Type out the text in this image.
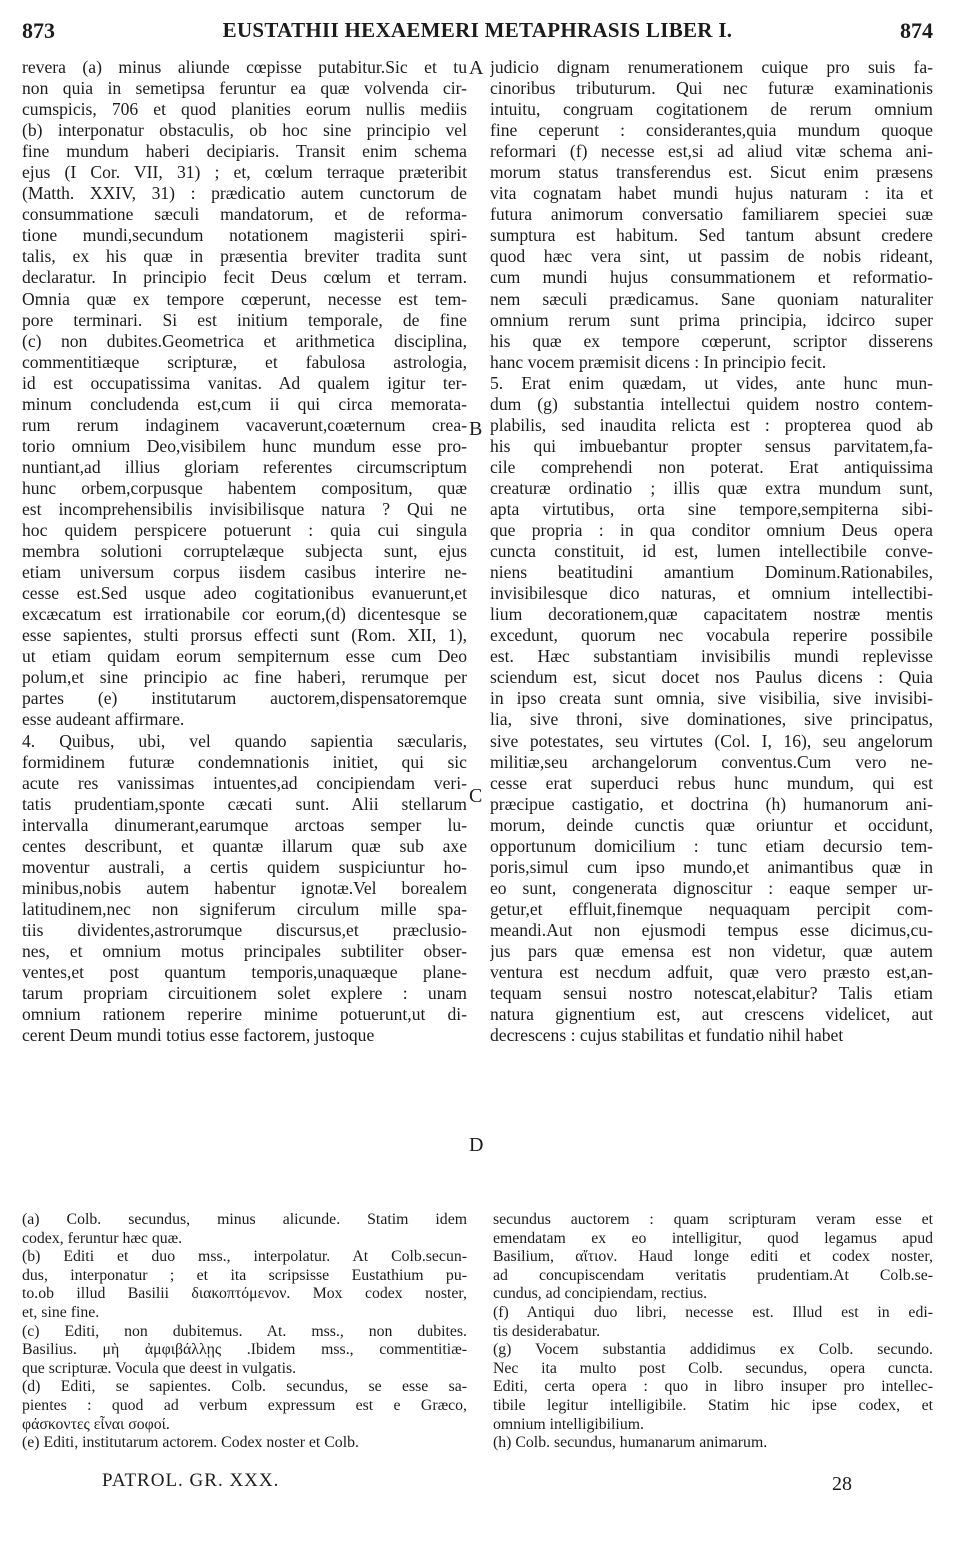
873	EUSTATHII HEXAEMERI METAPHRASIS LIBER I.	874
A
B
C
D
revera (a) minus aliunde cœpisse putabitur.Sic et tu
non quia in semetipsa feruntur ea quæ volvenda cir-
cumspicis, 706 et quod planities eorum nullis mediis
(b) interponatur obstaculis, ob hoc sine principio vel
fine mundum haberi decipiaris. Transit enim schema
ejus (I Cor. VII, 31) ; et, cœlum terraque præteribit
(Matth. XXIV, 31) : prædicatio autem cunctorum de
consummatione sæculi mandatorum, et de reforma-
tione mundi,secundum notationem magisterii spiri-
talis, ex his quæ in præsentia breviter tradita sunt
declaratur. In principio fecit Deus cœlum et terram.
Omnia quæ ex tempore cœperunt, necesse est tem-
pore terminari. Si est initium temporale, de fine
(c) non dubites.Geometrica et arithmetica disciplina,
commentitiæque scripturæ, et fabulosa astrologia,
id est occupatissima vanitas. Ad qualem igitur ter-
minum concludenda est,cum ii qui circa memorata-
rum rerum indaginem vacaverunt,coæternum crea-
torio omnium Deo,visibilem hunc mundum esse pro-
nuntiant,ad illius gloriam referentes circumscriptum
hunc orbem,corpusque habentem compositum, quæ
est incomprehensibilis invisibilisque natura ? Qui ne
hoc quidem perspicere potuerunt : quia cui singula
membra solutioni corruptelæque subjecta sunt, ejus
etiam universum corpus iisdem casibus interire ne-
cesse est.Sed usque adeo cogitationibus evanuerunt,et
excæcatum est irrationabile cor eorum,(d) dicentesque se
esse sapientes, stulti prorsus effecti sunt (Rom. XII, 1),
ut etiam quidam eorum sempiternum esse cum Deo
polum,et sine principio ac fine haberi, rerumque per
partes (e) institutarum auctorem,dispensatoremque
esse audeant affirmare.
4. Quibus, ubi, vel quando sapientia sæcularis,
formidinem futuræ condemnationis initiet, qui sic
acute res vanissimas intuentes,ad concipiendam veri-
tatis prudentiam,sponte cæcati sunt. Alii stellarum
intervalla dinumerant,earumque arctoas semper lu-
centes describunt, et quantæ illarum quæ sub axe
moventur australi, a certis quidem suspiciuntur ho-
minibus,nobis autem habentur ignotæ.Vel borealem
latitudinem,nec non signiferum circulum mille spa-
tiis dividentes,astrorumque discursus,et præclusio-
nes, et omnium motus principales subtiliter obser-
ventes,et post quantum temporis,unaquæque plane-
tarum propriam circuitionem solet explere : unam
omnium rationem reperire minime potuerunt,ut di-
cerent Deum mundi totius esse factorem, justoque
judicio dignam renumerationem cuique pro suis fa-
cinoribus tributurum. Qui nec futuræ examinationis
intuitu, congruam cogitationem de rerum omnium
fine ceperunt : considerantes,quia mundum quoque
reformari (f) necesse est,si ad aliud vitæ schema ani-
morum status transferendus est. Sicut enim præsens
vita cognatam habet mundi hujus naturam : ita et
futura animorum conversatio familiarem speciei suæ
sumptura est habitum. Sed tantum absunt credere
quod hæc vera sint, ut passim de nobis rideant,
cum mundi hujus consummationem et reformatio-
nem sæculi prædicamus. Sane quoniam naturaliter
omnium rerum sunt prima principia, idcirco super
his quæ ex tempore cœperunt, scriptor disserens
hanc vocem præmisit dicens : In principio fecit.
5. Erat enim quædam, ut vides, ante hunc mun-
dum (g) substantia intellectui quidem nostro contem-
plabilis, sed inaudita relicta est : propterea quod ab
his qui imbuebantur propter sensus parvitatem,fa-
cile comprehendi non poterat. Erat antiquissima
creaturæ ordinatio ; illis quæ extra mundum sunt,
apta virtutibus, orta sine tempore,sempiterna sibi-
que propria : in qua conditor omnium Deus opera
cuncta constituit, id est, lumen intellectibile conve-
niens beatitudini amantium Dominum.Rationabiles,
invisibilesque dico naturas, et omnium intellectibi-
lium decorationem,quæ capacitatem nostræ mentis
excedunt, quorum nec vocabula reperire possibile
est. Hæc substantiam invisibilis mundi replevisse
sciendum est, sicut docet nos Paulus dicens : Quia
in ipso creata sunt omnia, sive visibilia, sive invisibi-
lia, sive throni, sive dominationes, sive principatus,
sive potestates, seu virtutes (Col. I, 16), seu angelorum
militiæ,seu archangelorum conventus.Cum vero ne-
cesse erat superduci rebus hunc mundum, qui est
præcipue castigatio, et doctrina (h) humanorum ani-
morum, deinde cunctis quæ oriuntur et occidunt,
opportunum domicilium : tunc etiam decursio tem-
poris,simul cum ipso mundo,et animantibus quæ in
eo sunt, congenerata dignoscitur : eaque semper ur-
getur,et effluit,finemque nequaquam percipit com-
meandi.Aut non ejusmodi tempus esse dicimus,cu-
jus pars quæ emensa est non videtur, quæ autem
ventura est necdum adfuit, quæ vero præsto est,an-
tequam sensui nostro notescat,elabitur? Talis etiam
natura gignentium est, aut crescens videlicet, aut
decrescens : cujus stabilitas et fundatio nihil habet
(a) Colb. secundus, minus alicunde. Statim idem
codex, feruntur hæc quæ.
(b) Editi et duo mss., interpolatur. At Colb.secun-
dus, interponatur ; et ita scripsisse Eustathium pu-
to.ob illud Basilii διακοπτόμενον. Mox codex noster,
et, sine fine.
(c) Editi, non dubitemus. At. mss., non dubites.
Basilius. μὴ ἀμφιβάλλῃς .Ibidem mss., commentitiæ-
que scripturæ. Vocula que deest in vulgatis.
(d) Editi, se sapientes. Colb. secundus, se esse sa-
pientes : quod ad verbum expressum est e Græco,
φάσκοντες εἶναι σοφοί.
(e) Editi, institutarum actorem. Codex noster et Colb.
secundus auctorem : quam scripturam veram esse et
emendatam ex eo intelligitur, quod legamus apud
Basilium, αἴτιον. Haud longe editi et codex noster,
ad concupiscendam veritatis prudentiam.At Colb.se-
cundus, ad concipiendam, rectius.
(f) Antiqui duo libri, necesse est. Illud est in edi-
tis desiderabatur.
(g) Vocem substantia addidimus ex Colb. secundo.
Nec ita multo post Colb. secundus, opera cuncta.
Editi, certa opera : quo in libro insuper pro intellec-
tibile legitur intelligibile. Statim hic ipse codex, et
omnium intelligibilium.
(h) Colb. secundus, humanarum animarum.
PATROL. GR. XXX.	28
